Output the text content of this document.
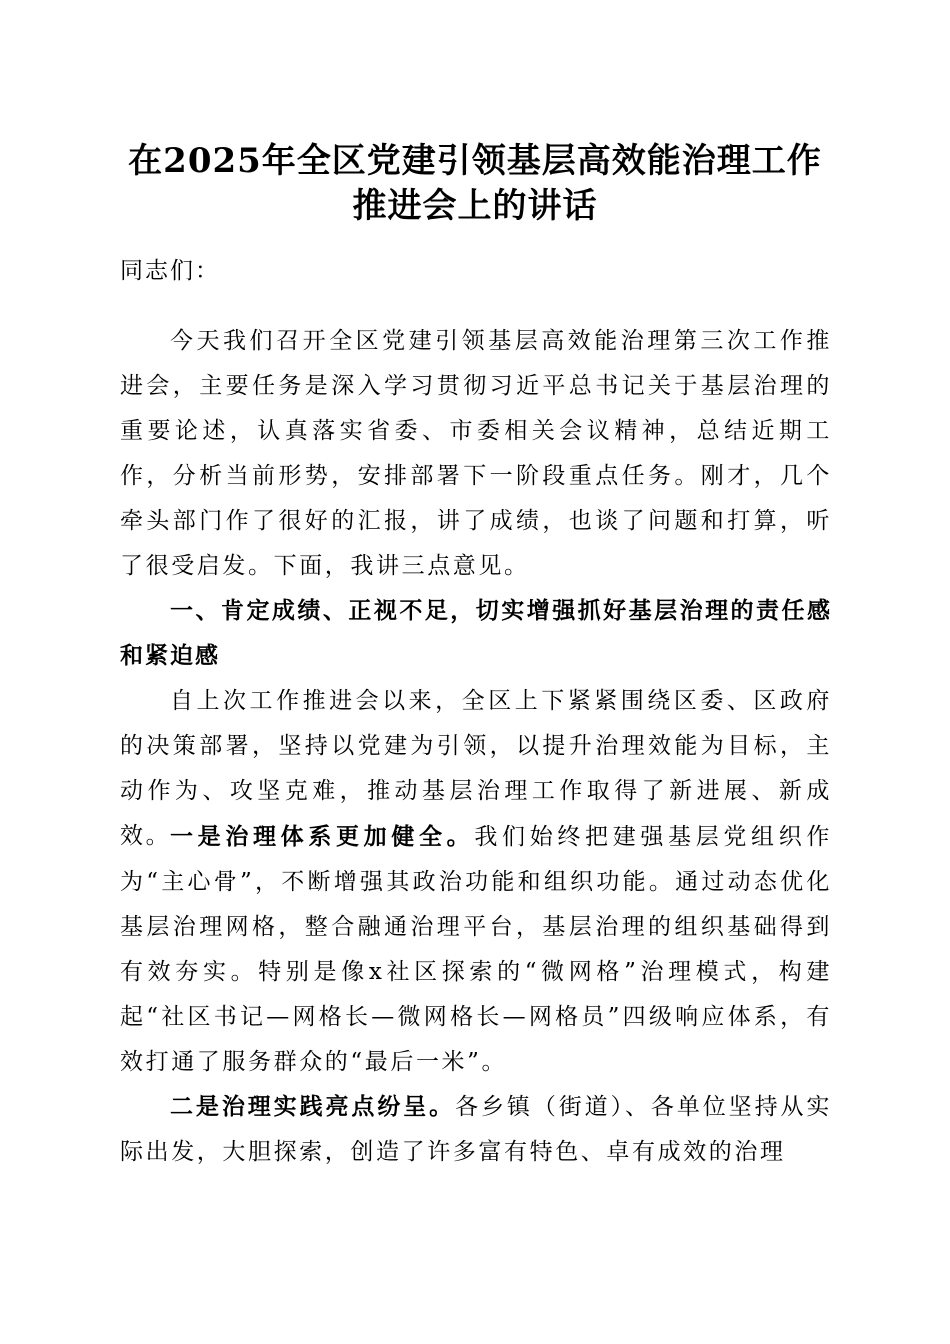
在2025年全区党建引领基层高效能治理工作
推进会上的讲话
同志们：
今天我们召开全区党建引领基层高效能治理第三次工作推进会，主要任务是深入学习贯彻习近平总书记关于基层治理的重要论述，认真落实省委、市委相关会议精神，总结近期工作，分析当前形势，安排部署下一阶段重点任务。刚才，几个牵头部门作了很好的汇报，讲了成绩，也谈了问题和打算，听了很受启发。下面，我讲三点意见。
一、肯定成绩、正视不足，切实增强抓好基层治理的责任感和紧迫感
自上次工作推进会以来，全区上下紧紧围绕区委、区政府的决策部署，坚持以党建为引领，以提升治理效能为目标，主动作为、攻坚克难，推动基层治理工作取得了新进展、新成效。
一是治理体系更加健全。我们始终把建强基层党组织作为“主心骨”，不断增强其政治功能和组织功能。通过动态优化基层治理网格，整合融通治理平台，基层治理的组织基础得到有效夯实。特别是像x社区探索的“微网格”治理模式，构建起“社区书记—网格长—微网格长—网格员”四级响应体系，有效打通了服务群众的“最后一米”。
二是治理实践亮点纷呈。各乡镇（街道）、各单位坚持从实际出发，大胆探索，创造了许多富有特色、卓有成效的治理
